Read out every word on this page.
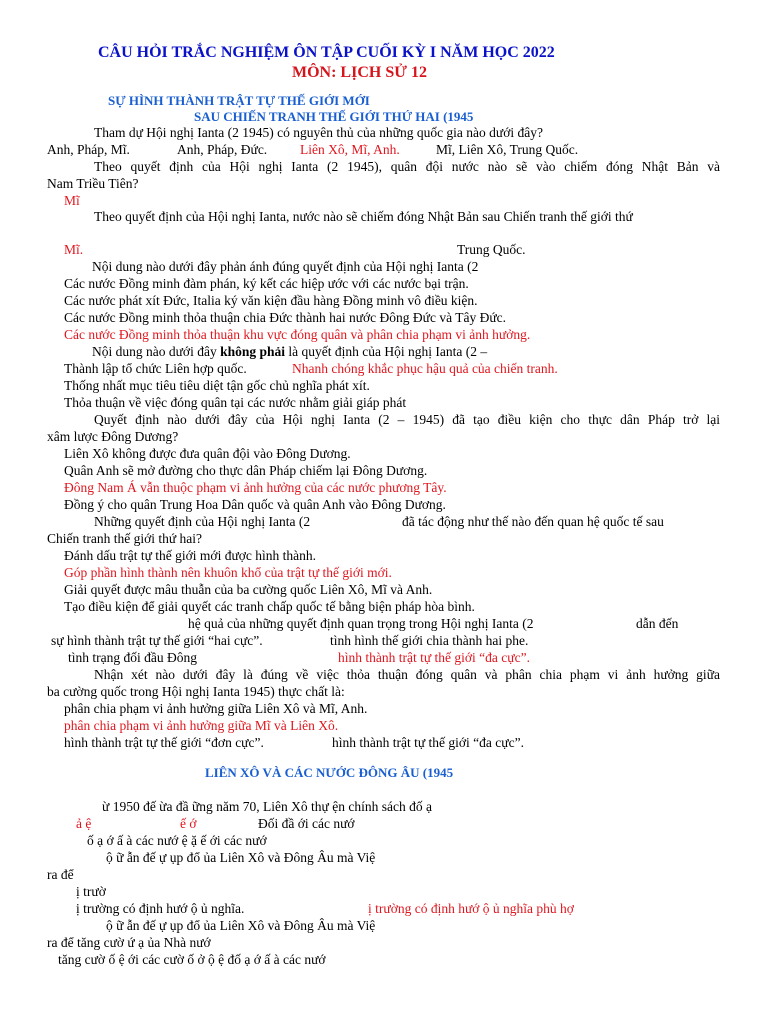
CÂU HỎI TRẮC NGHIỆM ÔN TẬP CUỐI KỲ I NĂM HỌC 2022
MÔN: LỊCH SỬ 12
SỰ HÌNH THÀNH TRẬT TỰ THẾ GIỚI MỚI
SAU CHIẾN TRANH THẾ GIỚI THỨ HAI (1945
Tham dự Hội nghị Ianta (2 1945) có nguyên thủ của những quốc gia nào dưới đây?
Anh, Pháp, Mĩ.	Anh, Pháp, Đức. Liên Xô, Mĩ, Anh.	Mĩ, Liên Xô, Trung Quốc.
Theo quyết định của Hội nghị Ianta (2 1945), quân đội nước nào sẽ vào chiếm đóng Nhật Bản và
Nam Triều Tiên?
Mĩ
Theo quyết định của Hội nghị Ianta, nước nào sẽ chiếm đóng Nhật Bản sau Chiến tranh thế giới thứ
Mĩ.	Trung Quốc.
Nội dung nào dưới đây phản ánh đúng quyết định của Hội nghị Ianta (2
Các nước Đồng minh đàm phán, ký kết các hiệp ước với các nước bại trận.
Các nước phát xít Đức, Italia ký văn kiện đầu hàng Đồng minh vô điều kiện.
Các nước Đồng minh thỏa thuận chia Đức thành hai nước Đông Đức và Tây Đức.
Các nước Đồng minh thỏa thuận khu vực đóng quân và phân chia phạm vi ảnh hưởng.
Nội dung nào dưới đây không phải là quyết định của Hội nghị Ianta (2 –
Thành lập tổ chức Liên hợp quốc.	Nhanh chóng khắc phục hậu quả của chiến tranh.
Thống nhất mục tiêu tiêu diệt tận gốc chủ nghĩa phát xít.
Thỏa thuận về việc đóng quân tại các nước nhằm giải giáp phát
Quyết định nào dưới đây của Hội nghị Ianta (2 – 1945) đã tạo điều kiện cho thực dân Pháp trở lại
xâm lược Đông Dương?
Liên Xô không được đưa quân đội vào Đông Dương.
Quân Anh sẽ mở đường cho thực dân Pháp chiếm lại Đông Dương.
Đông Nam Á vẫn thuộc phạm vi ảnh hưởng của các nước phương Tây.
Đồng ý cho quân Trung Hoa Dân quốc và quân Anh vào Đông Dương.
Những quyết định của Hội nghị Ianta (2	đã tác động như thế nào đến quan hệ quốc tế sau
Chiến tranh thế giới thứ hai?
Đánh dấu trật tự thế giới mới được hình thành.
Góp phần hình thành nên khuôn khổ của trật tự thế giới mới.
Giải quyết được mâu thuẫn của ba cường quốc Liên Xô, Mĩ và Anh.
Tạo điều kiện để giải quyết các tranh chấp quốc tế bằng biện pháp hòa bình.
hệ quả của những quyết định quan trọng trong Hội nghị Ianta (2	dẫn đến
sự hình thành trật tự thế giới “hai cực”.	tình hình thế giới chia thành hai phe.
tình trạng đối đầu Đông	hình thành trật tự thế giới “đa cực”.
Nhận xét nào dưới đây là đúng về việc thỏa thuận đóng quân và phân chia phạm vi ảnh hưởng giữa
ba cường quốc trong Hội nghị Ianta 1945) thực chất là:
phân chia phạm vi ảnh hưởng giữa Liên Xô và Mĩ, Anh.
phân chia phạm vi ảnh hưởng giữa Mĩ và Liên Xô.
hình thành trật tự thế giới “đơn cực”.	hình thành trật tự thế giới “đa cực”.
LIÊN XÔ VÀ CÁC NƯỚC ĐÔNG ÂU (1945
ừ 1950 đế ừa đầ ững năm 70, Liên Xô thự ện chính sách đố ạ
ả ệ	ế ớ	Đối đầ ới các nướ
ố ạ ớ ấ à các nướ ệ ặ ế ới các nướ
ộ ữ ẫn đế ự ụp đổ ủa Liên Xô và Đông Âu mà Việ
ra để
ị trườ
ị trường có định hướ ộ ủ nghĩa.	ị trường có định hướ ộ ủ nghĩa phù hợ
ộ ữ ẫn đế ự ụp đổ ủa Liên Xô và Đông Âu mà Việ
ra để tăng cườ ứ ạ ủa Nhà nướ
tăng cườ ố ệ ới các cườ ố ở ộ ệ đố ạ ớ ấ à các nướ
